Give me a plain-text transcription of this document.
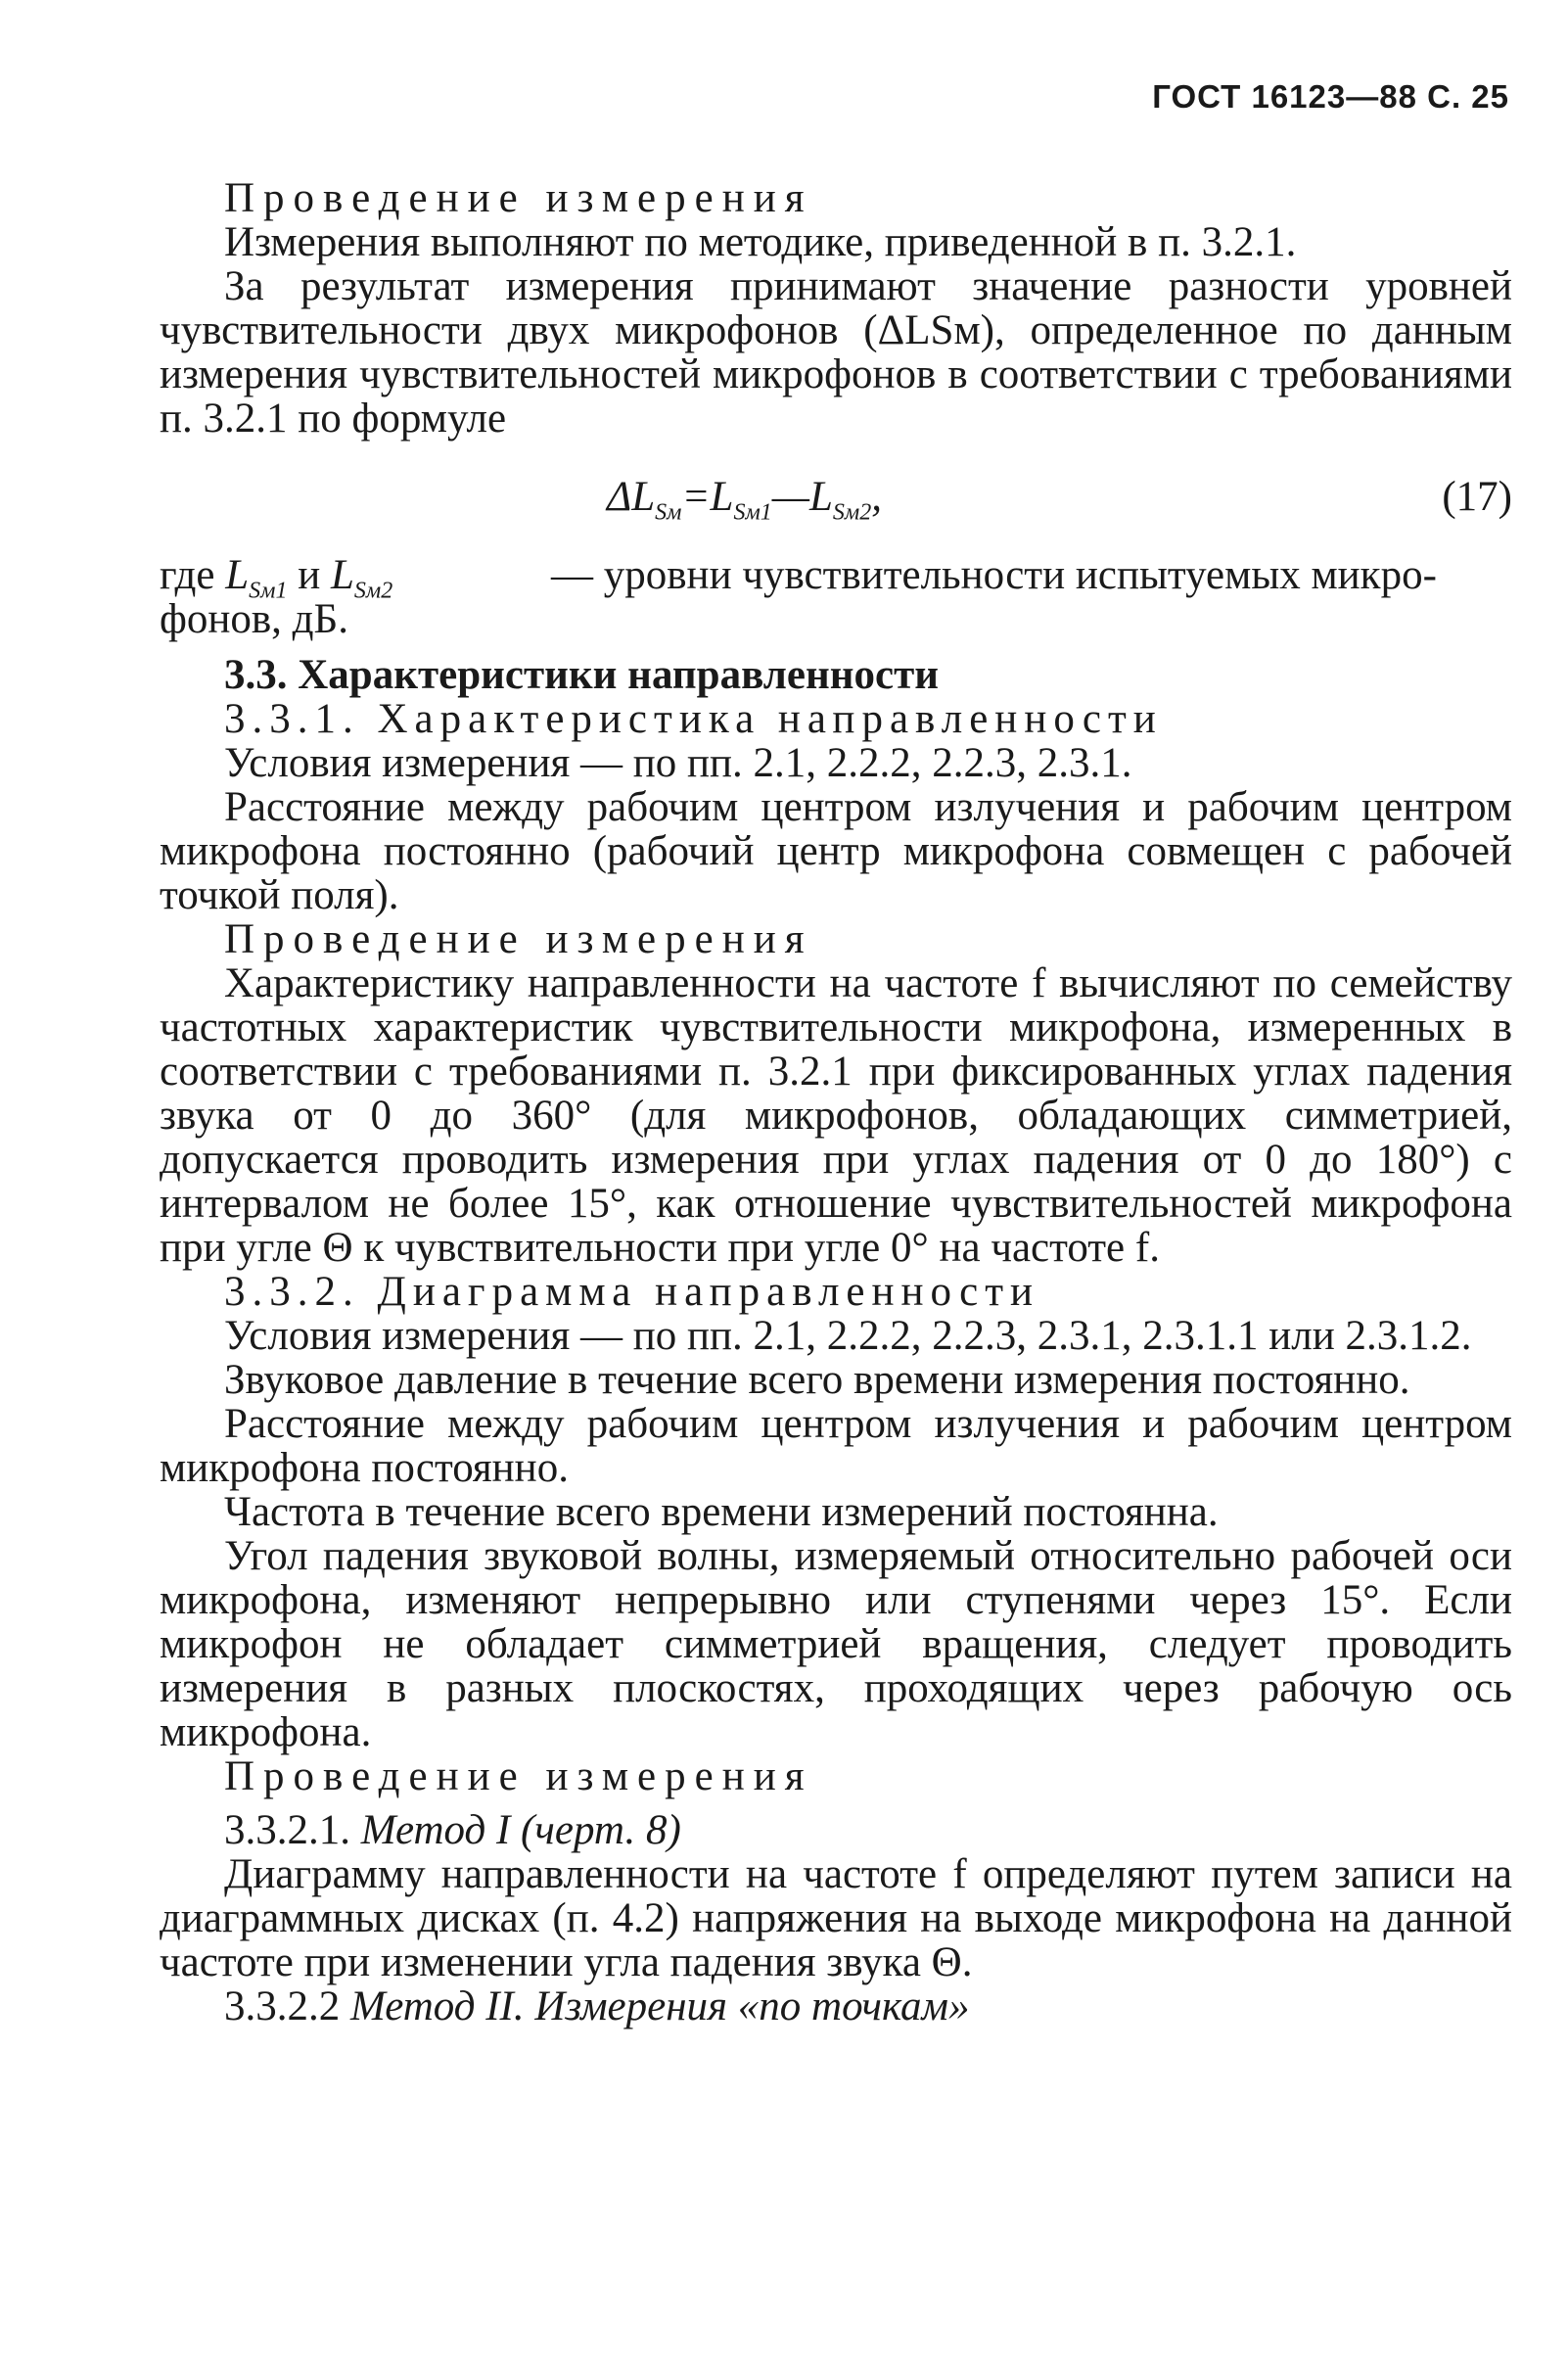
ГОСТ 16123—88 С. 25

Проведение измерения

Измерения выполняют по методике, приведенной в п. 3.2.1.

За результат измерения принимают значение разности уровней чувствительности двух микрофонов (ΔLSм), определенное по данным измерения чувствительностей микрофонов в соответствии с требованиями п. 3.2.1 по формуле

$\Delta L_{Sм}=L_{Sм1}—L_{Sм2}$,	(17)
где $L_{Sм1}$ и $L_{Sм2}$	— уровни чувствительности испытуемых микро-
фонов, дБ.

3.3. Характеристики направленности

3.3.1. Характеристика направленности

Условия измерения — по пп. 2.1, 2.2.2, 2.2.3, 2.3.1.

Расстояние между рабочим центром излучения и рабочим центром микрофона постоянно (рабочий центр микрофона совмещен с рабочей точкой поля).

Проведение измерения

Характеристику направленности на частоте f вычисляют по семейству частотных характеристик чувствительности микрофона, измеренных в соответствии с требованиями п. 3.2.1 при фиксированных углах падения звука от 0 до 360° (для микрофонов, обладающих симметрией, допускается проводить измерения при углах падения от 0 до 180°) с интервалом не более 15°, как отношение чувствительностей микрофона при угле Θ к чувствительности при угле 0° на частоте f.

3.3.2. Диаграмма направленности

Условия измерения — по пп. 2.1, 2.2.2, 2.2.3, 2.3.1, 2.3.1.1 или 2.3.1.2.

Звуковое давление в течение всего времени измерения постоянно.

Расстояние между рабочим центром излучения и рабочим центром микрофона постоянно.

Частота в течение всего времени измерений постоянна.

Угол падения звуковой волны, измеряемый относительно рабочей оси микрофона, изменяют непрерывно или ступенями через 15°. Если микрофон не обладает симметрией вращения, следует проводить измерения в разных плоскостях, проходящих через рабочую ось микрофона.

Проведение измерения

3.3.2.1. Метод I (черт. 8)

Диаграмму направленности на частоте f определяют путем записи на диаграммных дисках (п. 4.2) напряжения на выходе микрофона на данной частоте при изменении угла падения звука Θ.

3.3.2.2 Метод II. Измерения «по точкам»
